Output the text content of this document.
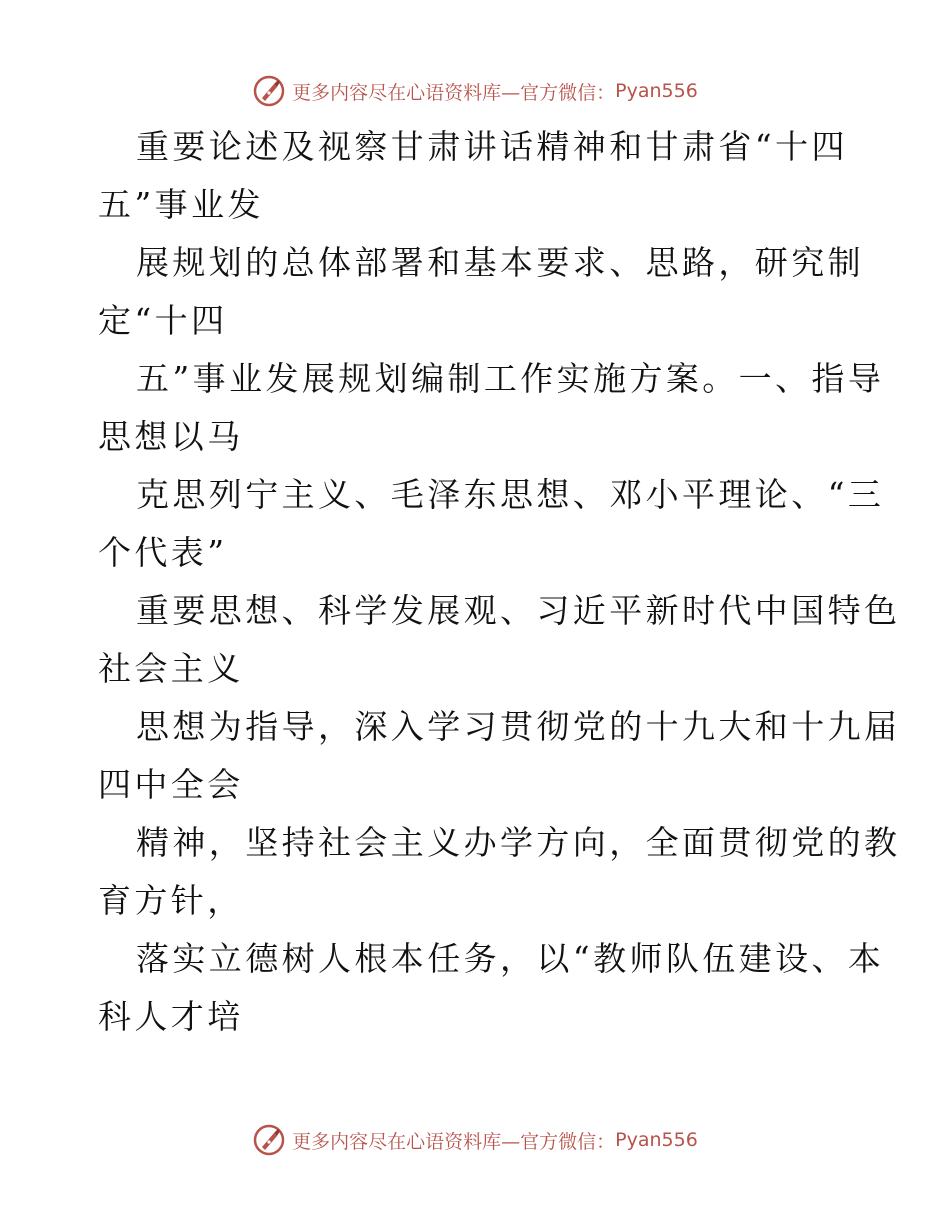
更多内容尽在心语资料库—官方微信： Pyan556

重要论述及视察甘肃讲话精神和甘肃省“十四
五”事业发

展规划的总体部署和基本要求、思路，研究制
定“十四

五”事业发展规划编制工作实施方案。一、指导
思想以马

克思列宁主义、毛泽东思想、邓小平理论、“三
个代表”

重要思想、科学发展观、习近平新时代中国特色
社会主义

思想为指导，深入学习贯彻党的十九大和十九届
四中全会

精神，坚持社会主义办学方向，全面贯彻党的教
育方针，

落实立德树人根本任务，以“教师队伍建设、本
科人才培

更多内容尽在心语资料库—官方微信： Pyan556
